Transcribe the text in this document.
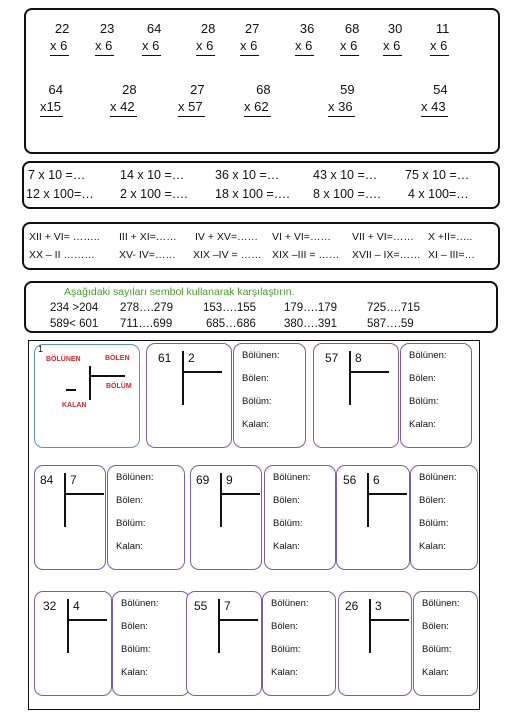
22
x 6
23
x 6
64
x 6
28
x 6
27
x 6
36
x 6
68
x 6
30
x 6
11
x 6
64
x15
28
x 42
27
x 57
68
x 62
59
x 36
54
x 43
7 x 10 =…	14 x 10 =… 36 x 10 =…	43 x 10 =… 75 x 10 =…
12 x 100=… 2 x 100 =…. 18 x 100 =…. 8 x 100 =…. 4 x 100=…
XII + VI= …….. III + XI=…… IV + XV=…… VI + VI=…… VII + VI=…… X +II=…..
XX – II ……… XV- IV=…… XIX –IV = …… XIX –III = …… XVII – IX=…… XI – III=…
Aşağıdaki sayıları sembol kullanarak karşılaştırın.
234 >204 278….279	153….155 179….179	725….715
589< 601 711….699	685…686 380….391	587….59
1
BÖLÜNEN	BÖLEN
BÖLÜM
KALAN
61 2	Bölünen:
Bölen:
Bölüm:
Kalan:
57 8	Bölünen:
Bölen:
Bölüm:
Kalan:
84 7	Bölünen:
Bölen:
Bölüm:
Kalan:
69 9	Bölünen:
Bölen:
Bölüm:
Kalan:
56 6	Bölünen:
Bölen:
Bölüm:
Kalan:
32 4	Bölünen:
Bölen:
Bölüm:
Kalan:
55 7	Bölünen:
Bölen:
Bölüm:
Kalan:
26 3	Bölünen:
Bölen:
Bölüm:
Kalan:
